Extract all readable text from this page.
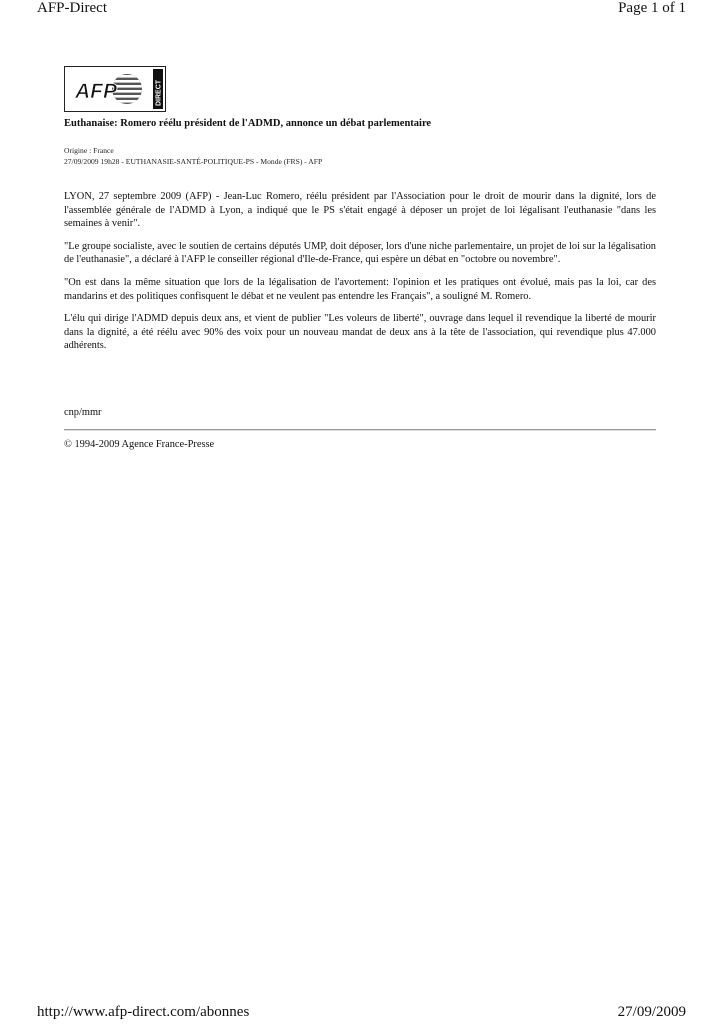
AFP-Direct	Page 1 of 1
AFP	DIRECT
Euthanaise: Romero réélu président de l'ADMD, annonce un débat parlementaire
Origine : France
27/09/2009 19h28 - EUTHANASIE-SANTÉ-POLITIQUE-PS - Monde (FRS) - AFP

LYON, 27 septembre 2009 (AFP) - Jean-Luc Romero, réélu président par l'Association pour le droit de mourir dans la dignité, lors de l'assemblée générale de l'ADMD à Lyon, a indiqué que le PS s'était engagé à déposer un projet de loi légalisant l'euthanasie "dans les semaines à venir".

"Le groupe socialiste, avec le soutien de certains députés UMP, doit déposer, lors d'une niche parlementaire, un projet de loi sur la légalisation de l'euthanasie", a déclaré à l'AFP le conseiller régional d'Ile-de-France, qui espère un débat en "octobre ou novembre".

"On est dans la même situation que lors de la légalisation de l'avortement: l'opinion et les pratiques ont évolué, mais pas la loi, car des mandarins et des politiques confisquent le débat et ne veulent pas entendre les Français", a souligné M. Romero.

L'élu qui dirige l'ADMD depuis deux ans, et vient de publier "Les voleurs de liberté", ouvrage dans lequel il revendique la liberté de mourir dans la dignité, a été réélu avec 90% des voix pour un nouveau mandat de deux ans à la tête de l'association, qui revendique plus 47.000 adhérents.

cnp/mmr
© 1994-2009 Agence France-Presse
http://www.afp-direct.com/abonnes	27/09/2009
